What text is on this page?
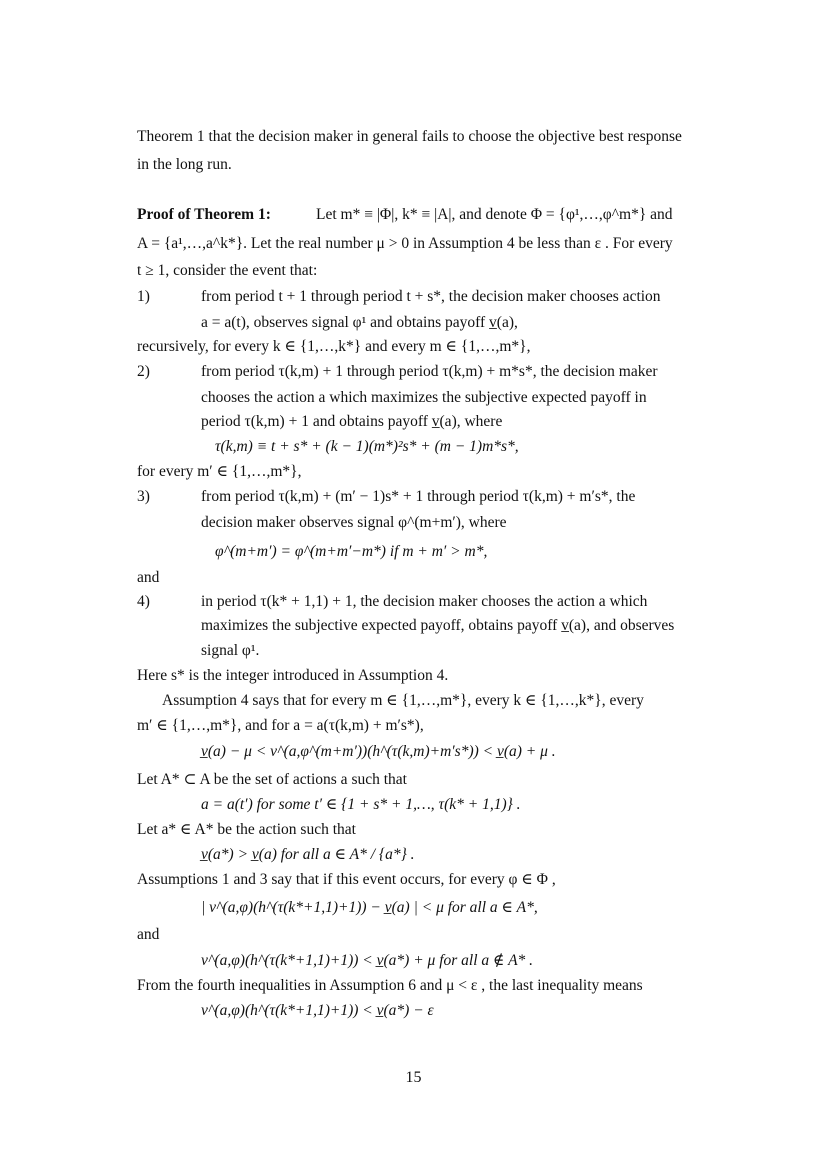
Theorem 1 that the decision maker in general fails to choose the objective best response
in the long run.
Proof of Theorem 1:	Let m* ≡ |Φ|, k* ≡ |A|, and denote Φ = {φ¹,…,φ^m*} and
A = {a¹,…,a^k*}. Let the real number μ > 0 in Assumption 4 be less than ε . For every
t ≥ 1, consider the event that:
1)	from period t + 1 through period t + s*, the decision maker chooses action
a = a(t), observes signal φ¹ and obtains payoff v̲(a),
recursively, for every k ∈ {1,…,k*} and every m ∈ {1,…,m*},
2)	from period τ(k,m) + 1 through period τ(k,m) + m*s*, the decision maker
chooses the action a which maximizes the subjective expected payoff in
period τ(k,m) + 1 and obtains payoff v̲(a), where
τ(k,m) ≡ t + s* + (k − 1)(m*)²s* + (m − 1)m*s*,
for every m′ ∈ {1,…,m*},
3)	from period τ(k,m) + (m′ − 1)s* + 1 through period τ(k,m) + m′s*, the
decision maker observes signal φ^(m+m′), where
φ^(m+m′) = φ^(m+m′−m*) if m + m′ > m*,
and
4)	in period τ(k* + 1,1) + 1, the decision maker chooses the action a which
maximizes the subjective expected payoff, obtains payoff v̲(a), and observes
signal φ¹.
Here s* is the integer introduced in Assumption 4.
Assumption 4 says that for every m ∈ {1,…,m*}, every k ∈ {1,…,k*}, every
m′ ∈ {1,…,m*}, and for a = a(τ(k,m) + m′s*),
v̲(a) − μ < v^(a,φ^(m+m′))(h^(τ(k,m)+m′s*)) < v̲(a) + μ .
Let A* ⊂ A be the set of actions a such that
a = a(t′) for some t′ ∈ {1 + s* + 1,…, τ(k* + 1,1)} .
Let a* ∈ A* be the action such that
v̲(a*) > v̲(a) for all a ∈ A* / {a*} .
Assumptions 1 and 3 say that if this event occurs, for every φ ∈ Φ ,
| v^(a,φ)(h^(τ(k*+1,1)+1)) − v̲(a) | < μ for all a ∈ A*,
and
v^(a,φ)(h^(τ(k*+1,1)+1)) < v̲(a*) + μ for all a ∉ A* .
From the fourth inequalities in Assumption 6 and μ < ε , the last inequality means
v^(a,φ)(h^(τ(k*+1,1)+1)) < v̲(a*) − ε
15
